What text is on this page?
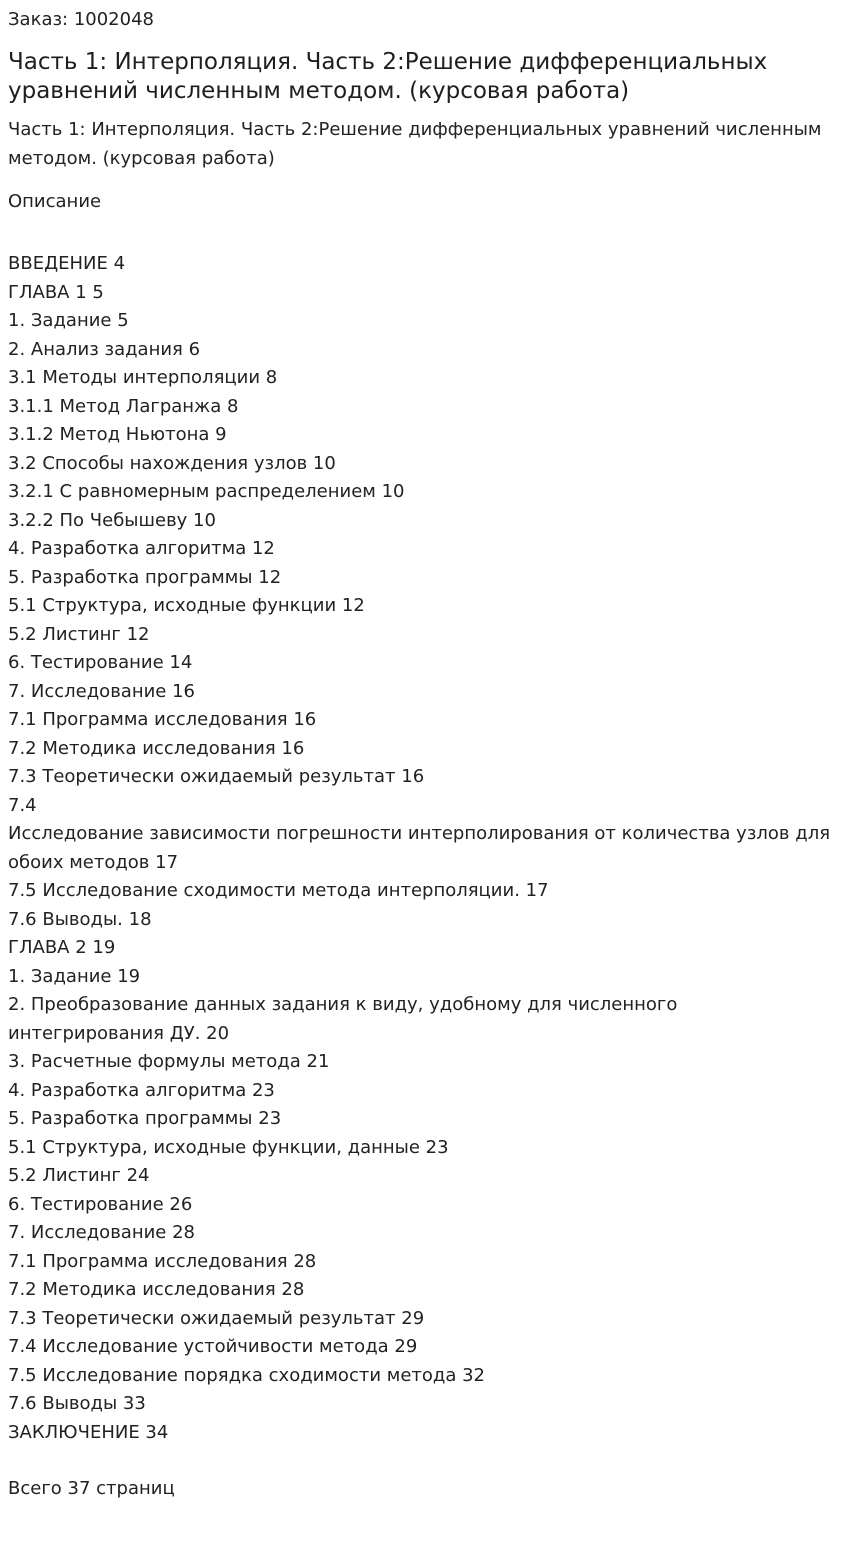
Заказ: 1002048
Часть 1: Интерполяция. Часть 2:Решение дифференциальных уравнений численным методом. (курсовая работа)
Часть 1: Интерполяция. Часть 2:Решение дифференциальных уравнений численным методом. (курсовая работа)
Описание
ВВЕДЕНИЕ 4
ГЛАВА 1 5
1. Задание 5
2. Анализ задания 6
3.1 Методы интерполяции 8
3.1.1 Метод Лагранжа 8
3.1.2 Метод Ньютона 9
3.2 Способы нахождения узлов 10
3.2.1 С равномерным распределением 10
3.2.2 По Чебышеву 10
4. Разработка алгоритма 12
5. Разработка программы 12
5.1 Структура, исходные функции 12
5.2 Листинг 12
6. Тестирование 14
7. Исследование 16
7.1 Программа исследования 16
7.2 Методика исследования 16
7.3 Теоретически ожидаемый результат 16
7.4
Исследование зависимости погрешности интерполирования от количества узлов для обоих методов 17
7.5 Исследование сходимости метода интерполяции. 17
7.6 Выводы. 18
ГЛАВА 2 19
1. Задание 19
2. Преобразование данных задания к виду, удобному для численного интегрирования ДУ. 20
3. Расчетные формулы метода 21
4. Разработка алгоритма 23
5. Разработка программы 23
5.1 Структура, исходные функции, данные 23
5.2 Листинг 24
6. Тестирование 26
7. Исследование 28
7.1 Программа исследования 28
7.2 Методика исследования 28
7.3 Теоретически ожидаемый результат 29
7.4 Исследование устойчивости метода 29
7.5 Исследование порядка сходимости метода 32
7.6 Выводы 33
ЗАКЛЮЧЕНИЕ 34
Всего 37 страниц
